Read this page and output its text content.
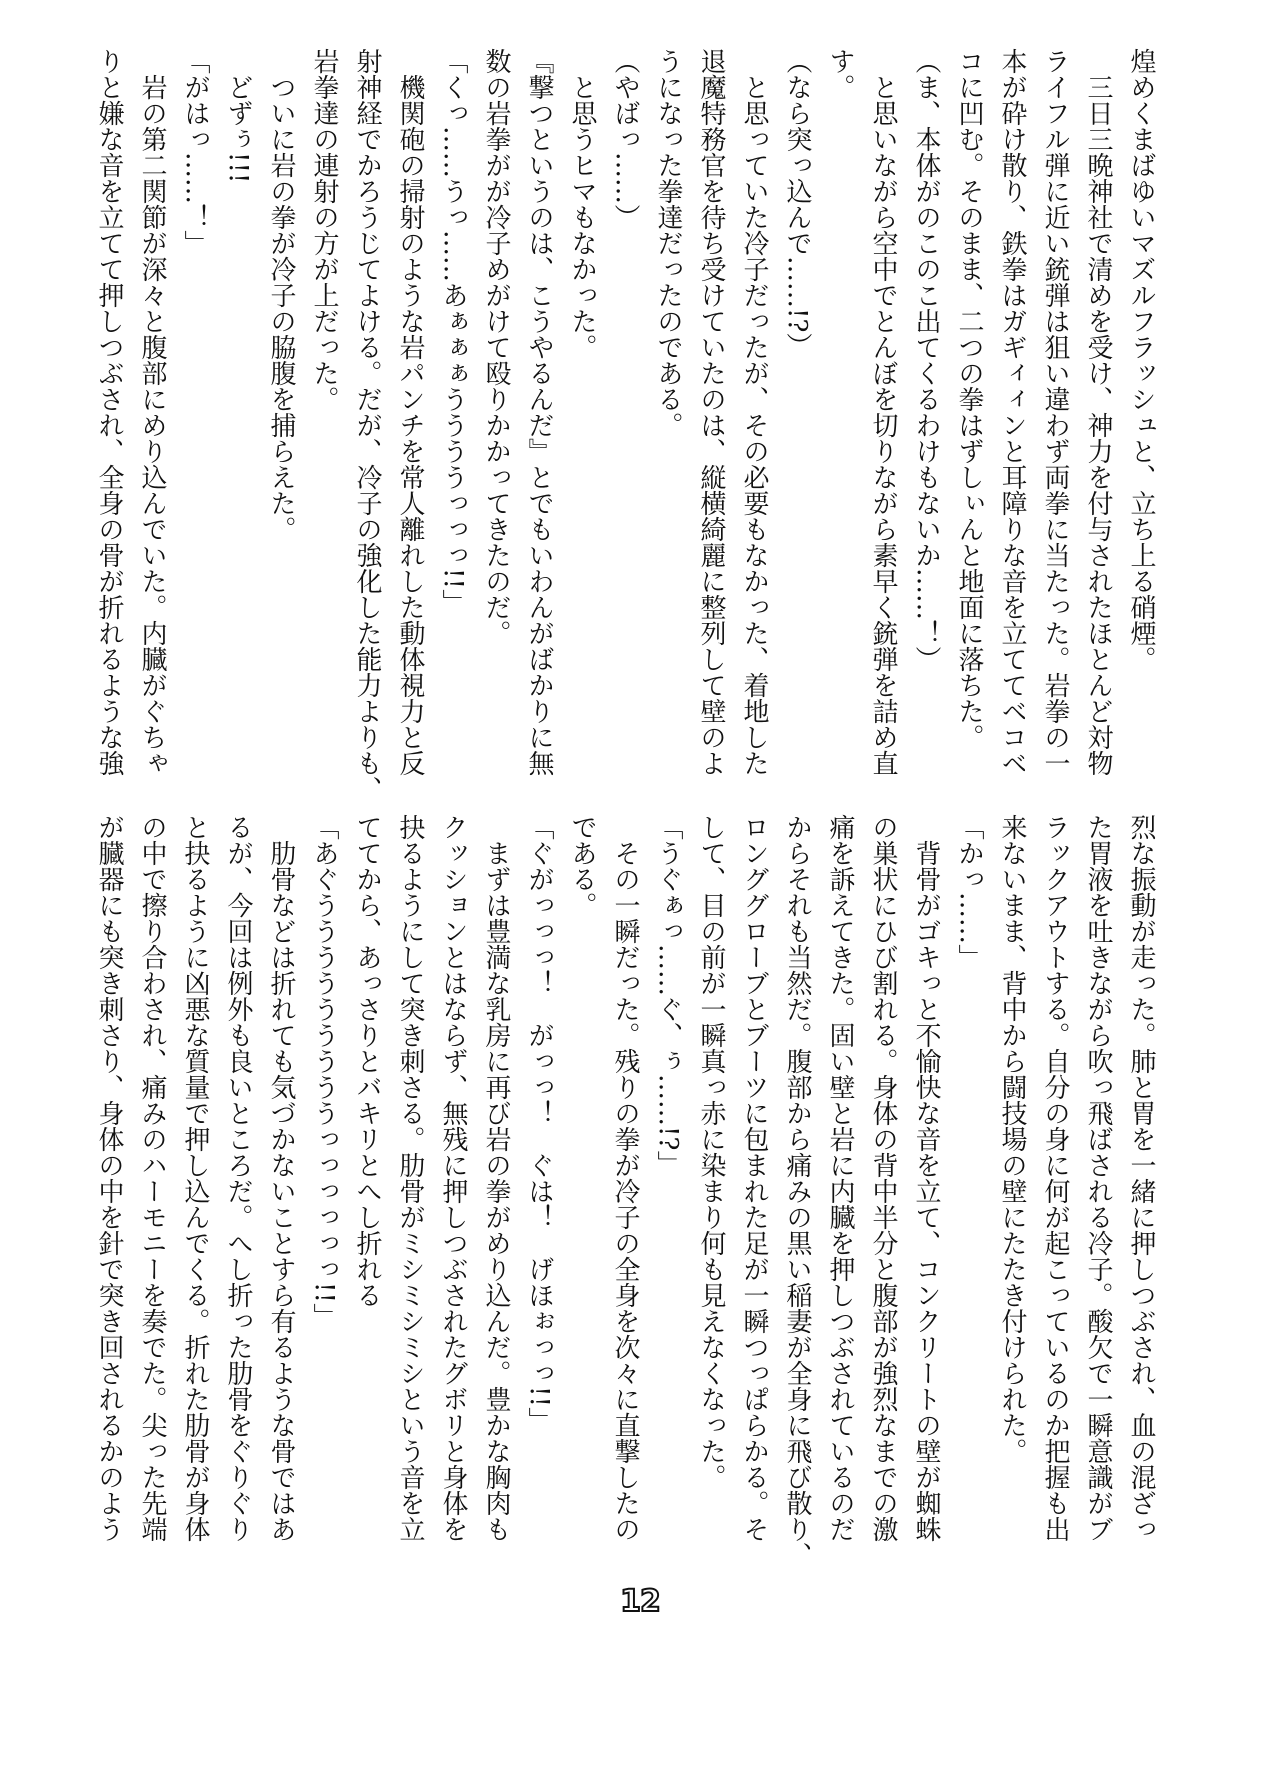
煌めくまばゆいマズルフラッシュと、立ち上る硝煙。

　三日三晩神社で清めを受け、神力を付与されたほとんど対物

ライフル弾に近い銃弾は狙い違わず両拳に当たった。岩拳の一

本が砕け散り、鉄拳はガギィィンと耳障りな音を立ててベコベ

コに凹む。そのまま、二つの拳はずしぃんと地面に落ちた。

（ま、本体がのこのこ出てくるわけもないか……！）

　と思いながら空中でとんぼを切りながら素早く銃弾を詰め直

す。

（なら突っ込んで……!?）

　と思っていた冷子だったが、その必要もなかった、着地した

退魔特務官を待ち受けていたのは、縦横綺麗に整列して壁のよ

うになった拳達だったのである。

（やばっ……）

　と思うヒマもなかった。

『撃つというのは、こうやるんだ』とでもいわんがばかりに無

数の岩拳がが冷子めがけて殴りかかってきたのだ。

「くっ……うっ……あぁぁぁううううっっっ!!」

　機関砲の掃射のような岩パンチを常人離れした動体視力と反

射神経でかろうじてよける。だが、冷子の強化した能力よりも、

岩拳達の連射の方が上だった。

　ついに岩の拳が冷子の脇腹を捕らえた。

　どずぅ!!!

「がはっ……！」

　岩の第二関節が深々と腹部にめり込んでいた。内臓がぐちゃ

りと嫌な音を立てて押しつぶされ、全身の骨が折れるような強

烈な振動が走った。肺と胃を一緒に押しつぶされ、血の混ざっ

た胃液を吐きながら吹っ飛ばされる冷子。酸欠で一瞬意識がブ

ラックアウトする。自分の身に何が起こっているのか把握も出

来ないまま、背中から闘技場の壁にたたき付けられた。

「かっ……」

　背骨がゴキっと不愉快な音を立て、コンクリートの壁が蜘蛛

の巣状にひび割れる。身体の背中半分と腹部が強烈なまでの激

痛を訴えてきた。固い壁と岩に内臓を押しつぶされているのだ

からそれも当然だ。腹部から痛みの黒い稲妻が全身に飛び散り、

ロンググローブとブーツに包まれた足が一瞬つっぱらかる。そ

して、目の前が一瞬真っ赤に染まり何も見えなくなった。

「うぐぁっ……ぐ、ぅ……!?」

　その一瞬だった。残りの拳が冷子の全身を次々に直撃したの

である。

「ぐがっっっ！　がっっ！　ぐは！　げほぉっっ!!」

　まずは豊満な乳房に再び岩の拳がめり込んだ。豊かな胸肉も

クッションとはならず、無残に押しつぶされたグボリと身体を

抉るようにして突き刺さる。肋骨がミシミシミシという音を立

ててから、あっさりとバキリとへし折れる

「あぐうううううううううっっっっっっ!!」

　肋骨などは折れても気づかないことすら有るような骨ではあ

るが、今回は例外も良いところだ。へし折った肋骨をぐりぐり

と抉るように凶悪な質量で押し込んでくる。折れた肋骨が身体

の中で擦り合わされ、痛みのハーモニーを奏でた。尖った先端

が臓器にも突き刺さり、身体の中を針で突き回されるかのよう

12
